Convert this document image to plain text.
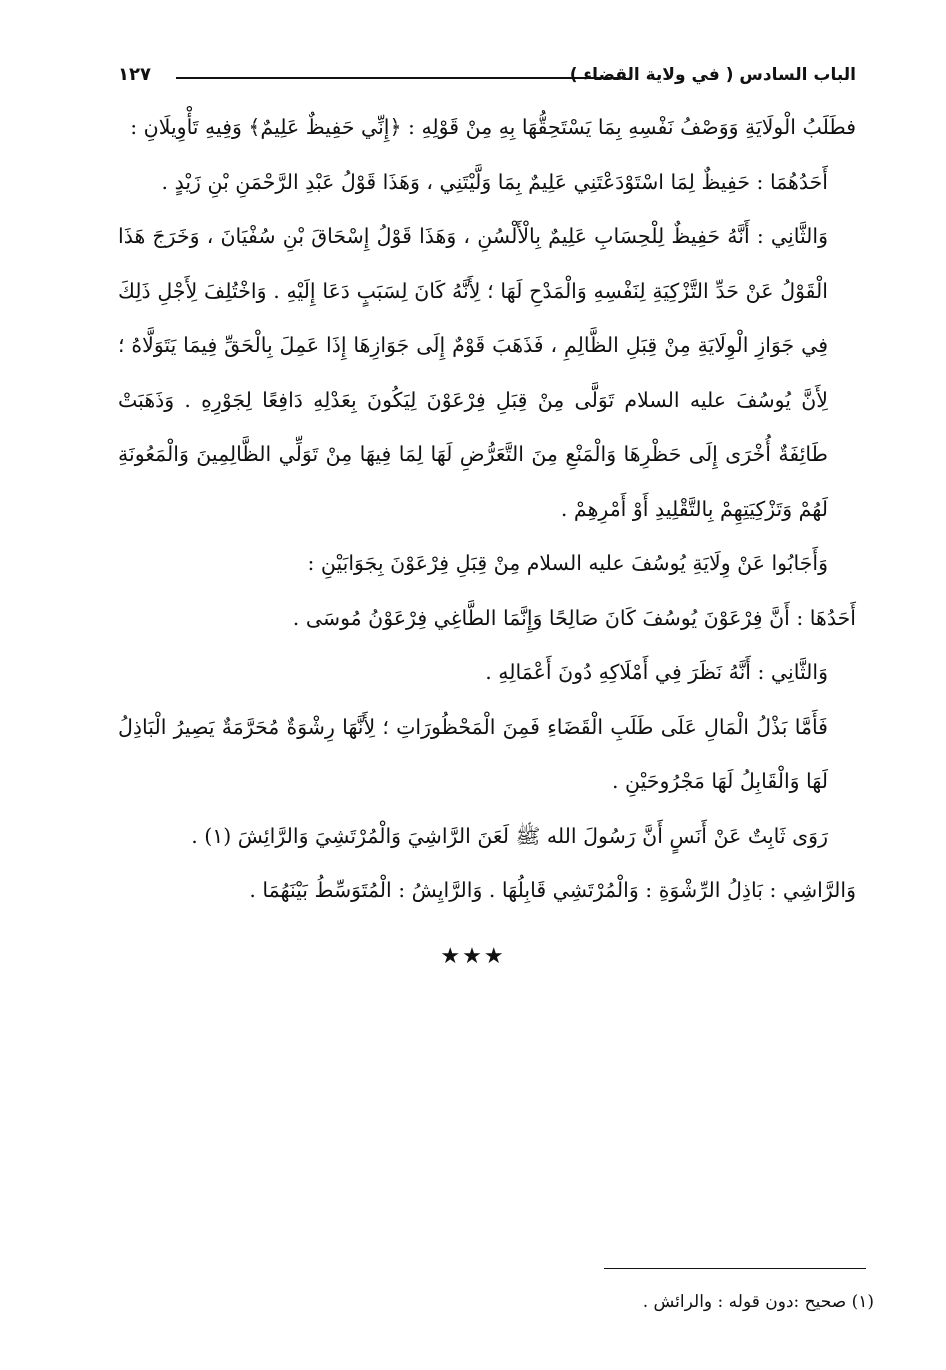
الباب السادس ( في ولاية القضاء )
١٢٧

فطَلَبُ الْولَايَةِ وَوَصْفُ نَفْسِهِ بِمَا يَسْتَحِقُّهَا بِهِ مِنْ قَوْلِهِ : ﴿إِنِّي حَفِيظٌ عَلِيمٌ﴾ وَفِيهِ تَأْوِيلَانِ :

أَحَدُهُمَا : حَفِيظٌ لِمَا اسْتَوْدَعْتَنِي عَلِيمٌ بِمَا وَلَّيْتَنِي ، وَهَذَا قَوْلُ عَبْدِ الرَّحْمَنِ بْنِ زَيْدٍ .

وَالثَّانِي : أَنَّهُ حَفِيظٌ لِلْحِسَابِ عَلِيمٌ بِالْأَلْسُنِ ، وَهَذَا قَوْلُ إِسْحَاقَ بْنِ سُفْيَانَ ، وَخَرَجَ هَذَا الْقَوْلُ عَنْ حَدِّ التَّزْكِيَةِ لِنَفْسِهِ وَالْمَدْحِ لَهَا ؛ لِأَنَّهُ كَانَ لِسَبَبٍ دَعَا إِلَيْهِ . وَاخْتُلِفَ لِأَجْلِ ذَلِكَ فِي جَوَازِ الْوِلَايَةِ مِنْ قِبَلِ الظَّالِمِ ، فَذَهَبَ قَوْمٌ إِلَى جَوَازِهَا إِذَا عَمِلَ بِالْحَقِّ فِيمَا يَتَوَلَّاهُ ؛ لِأَنَّ يُوسُفَ عليه السلام تَوَلَّى مِنْ قِبَلِ فِرْعَوْنَ لِيَكُونَ بِعَدْلِهِ دَافِعًا لِجَوْرِهِ . وَذَهَبَتْ طَائِفَةٌ أُخْرَى إِلَى حَظْرِهَا وَالْمَنْعِ مِنَ التَّعَرُّضِ لَهَا لِمَا فِيهَا مِنْ تَوَلِّي الظَّالِمِينَ وَالْمَعُونَةِ لَهُمْ وَتَزْكِيَتِهِمْ بِالتَّقْلِيدِ أَوْ أَمْرِهِمْ .

وَأَجَابُوا عَنْ وِلَايَةِ يُوسُفَ عليه السلام مِنْ قِبَلِ فِرْعَوْنَ بِجَوَابَيْنِ :

أَحَدُهَا : أَنَّ فِرْعَوْنَ يُوسُفَ كَانَ صَالِحًا وَإِنَّمَا الطَّاغِي فِرْعَوْنُ مُوسَى .

وَالثَّانِي : أَنَّهُ نَظَرَ فِي أَمْلَاكِهِ دُونَ أَعْمَالِهِ .

فَأَمَّا بَذْلُ الْمَالِ عَلَى طَلَبِ الْقَضَاءِ فَمِنَ الْمَحْظُورَاتِ ؛ لِأَنَّهَا رِشْوَةٌ مُحَرَّمَةٌ يَصِيرُ الْبَاذِلُ لَهَا وَالْقَابِلُ لَهَا مَجْرُوحَيْنِ .

رَوَى ثَابِتٌ عَنْ أَنَسٍ أَنَّ رَسُولَ الله ﷺ لَعَنَ الرَّاشِيَ وَالْمُرْتَشِيَ وَالرَّائِشَ (١) .

وَالرَّاشِي : بَاذِلُ الرِّشْوَةِ : وَالْمُرْتَشِي قَابِلُهَا . وَالرَّايِشُ : الْمُتَوَسِّطُ بَيْنَهُمَا .

★★★
(١) صحيح :دون قوله : والرائش .
